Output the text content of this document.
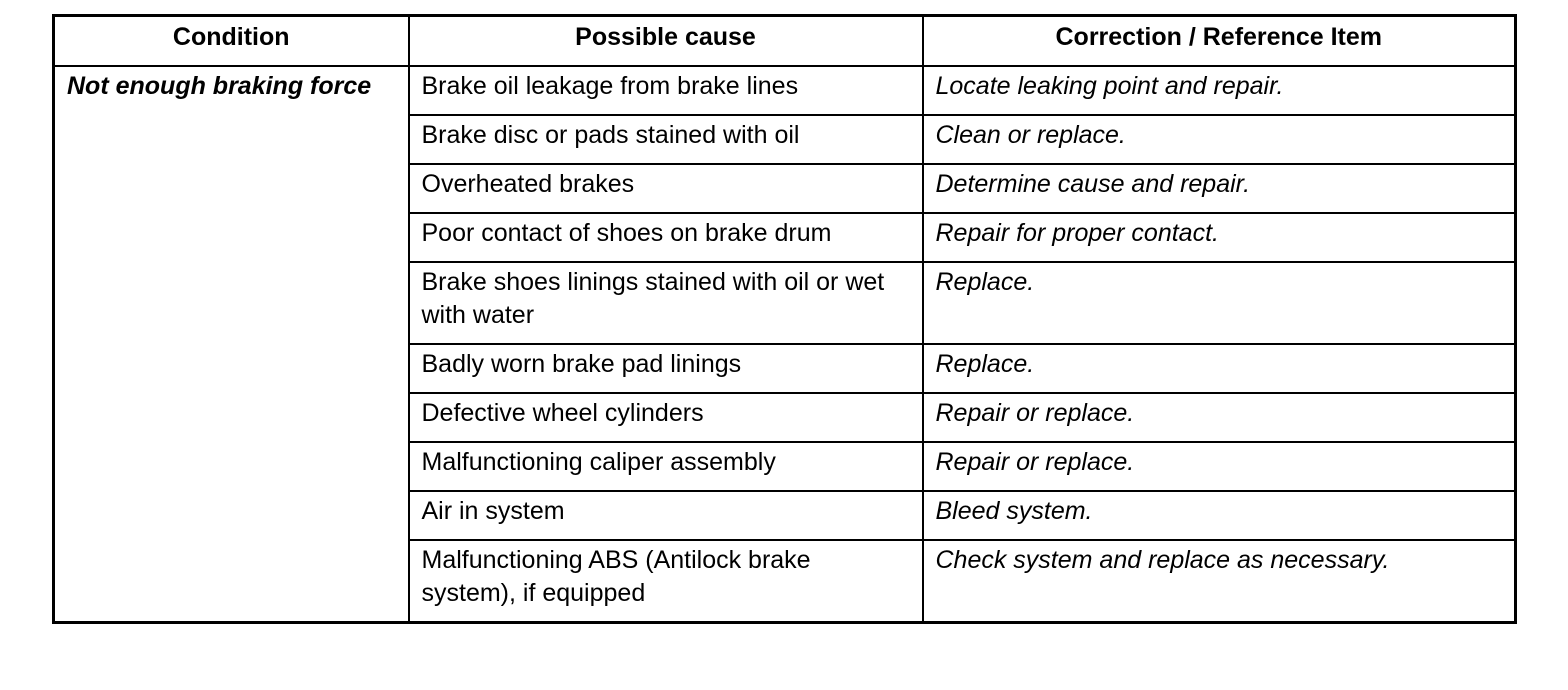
Condition	Possible cause	Correction / Reference Item
Not enough braking force	Brake oil leakage from brake lines	Locate leaking point and repair.
	Brake disc or pads stained with oil	Clean or replace.
	Overheated brakes	Determine cause and repair.
	Poor contact of shoes on brake drum	Repair for proper contact.
	Brake shoes linings stained with oil or wet with water	Replace.
	Badly worn brake pad linings	Replace.
	Defective wheel cylinders	Repair or replace.
	Malfunctioning caliper assembly	Repair or replace.
	Air in system	Bleed system.
	Malfunctioning ABS (Antilock brake system), if equipped	Check system and replace as necessary.
